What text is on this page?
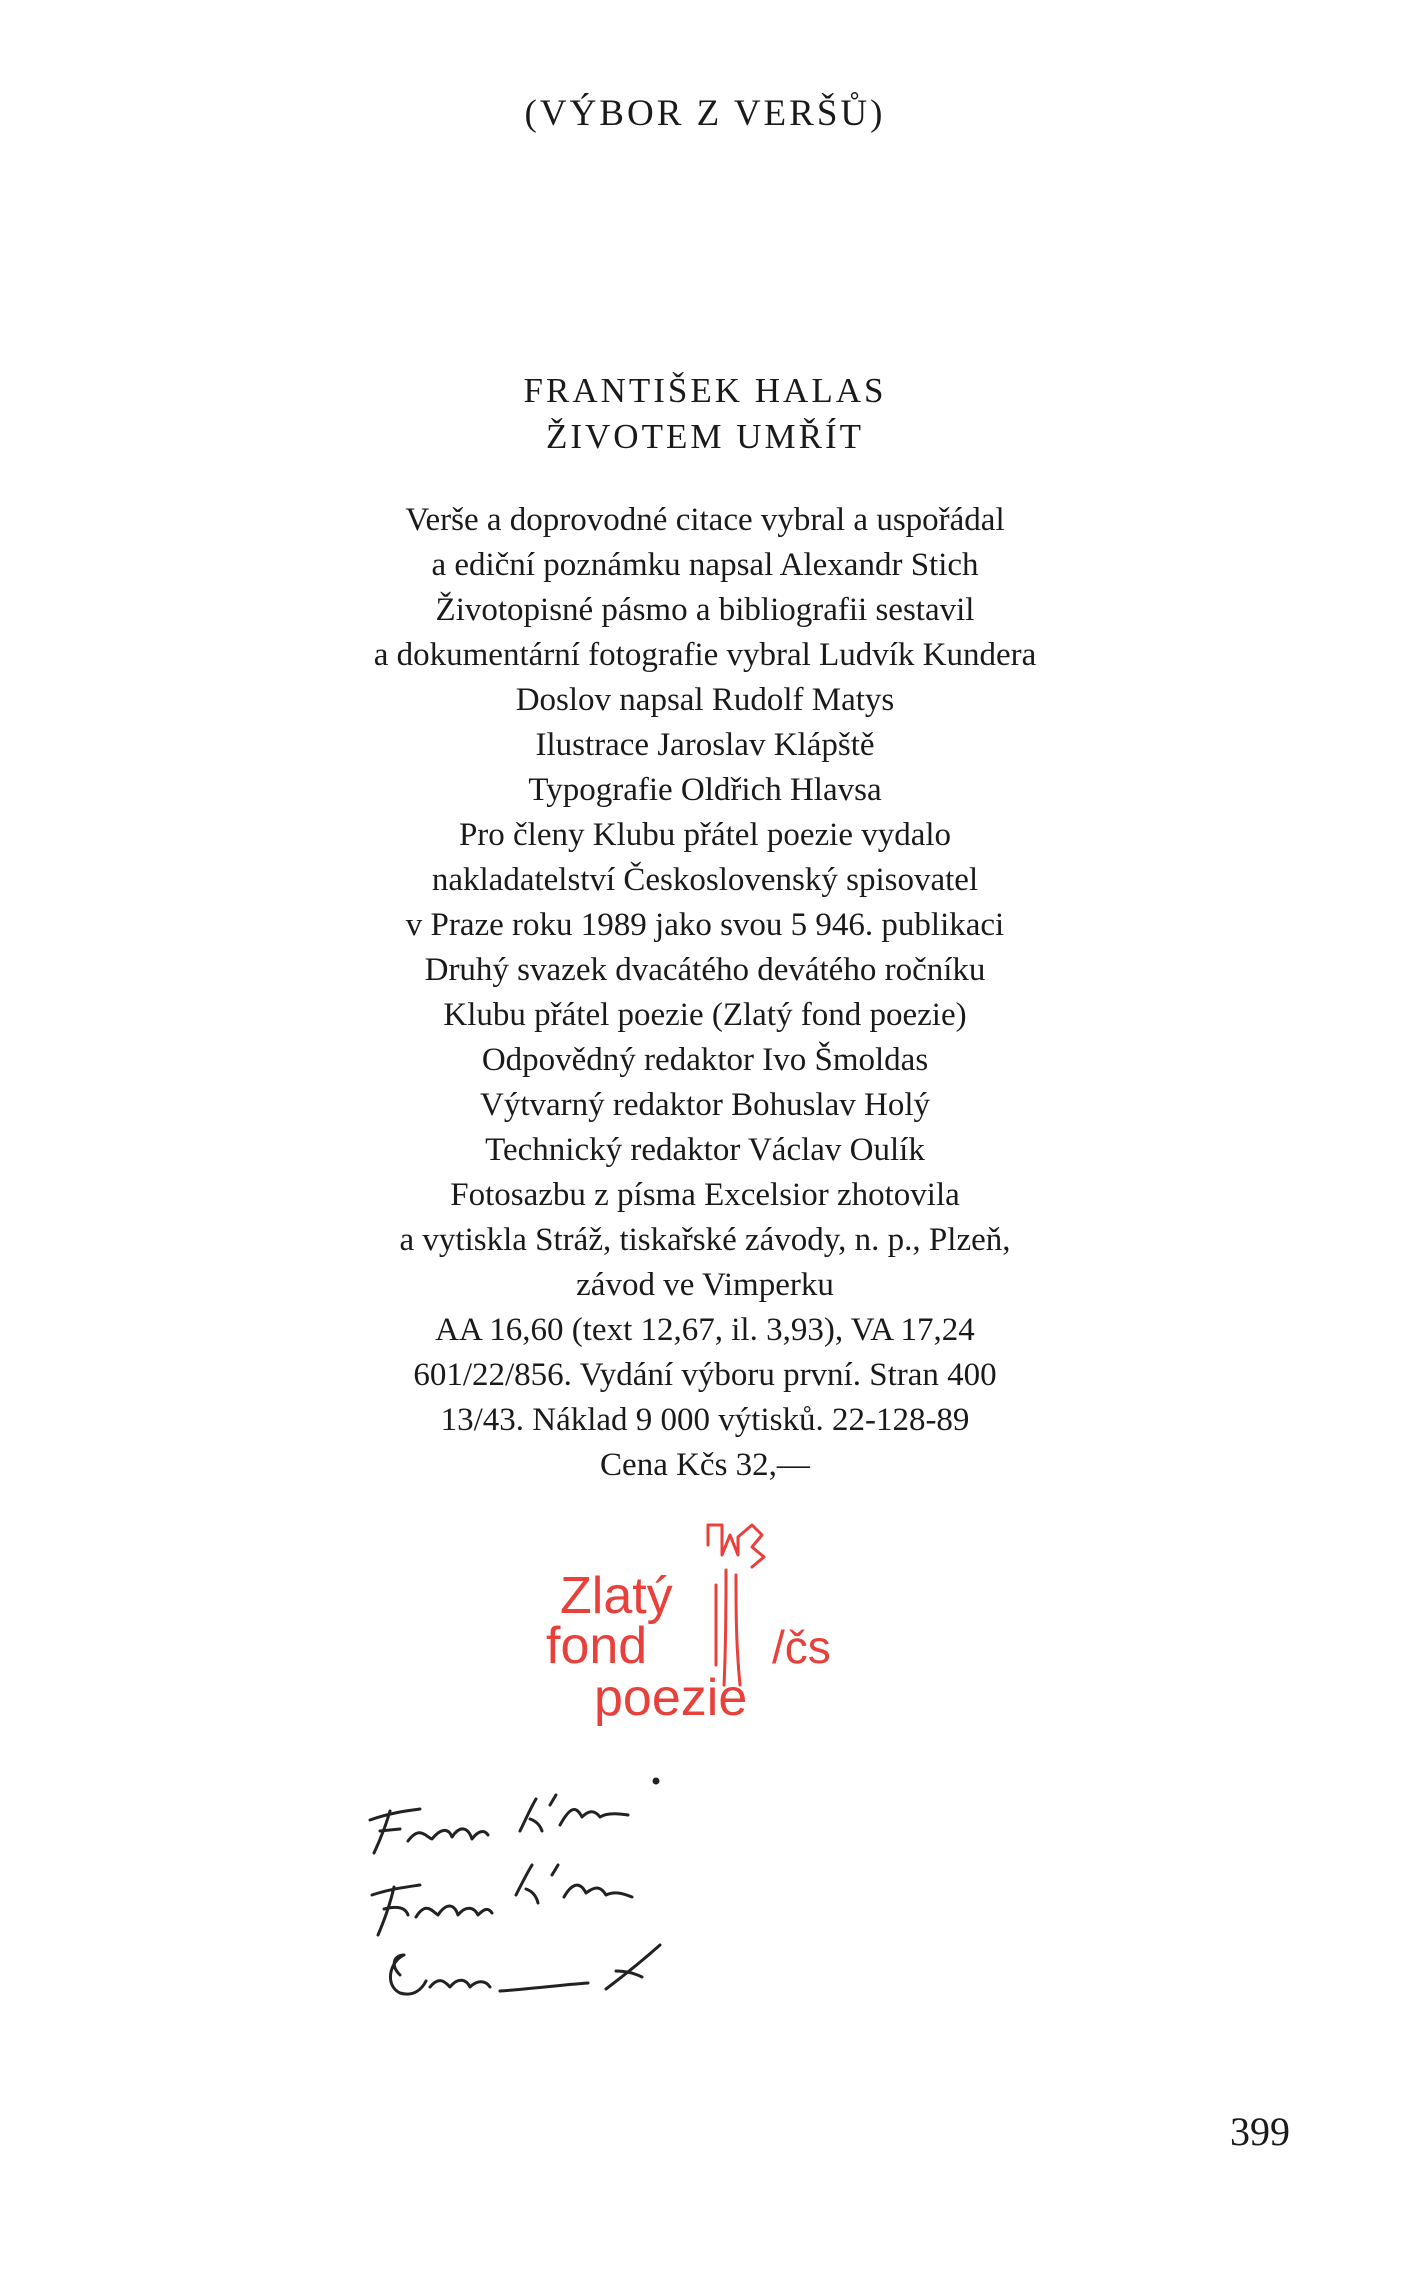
(VÝBOR Z VERŠŮ)
FRANTIŠEK HALAS
ŽIVOTEM UMŘÍT
Verše a doprovodné citace vybral a uspořádal
a ediční poznámku napsal Alexandr Stich
Životopisné pásmo a bibliografii sestavil
a dokumentární fotografie vybral Ludvík Kundera
Doslov napsal Rudolf Matys
Ilustrace Jaroslav Klápště
Typografie Oldřich Hlavsa
Pro členy Klubu přátel poezie vydalo
nakladatelství Československý spisovatel
v Praze roku 1989 jako svou 5 946. publikaci
Druhý svazek dvacátého devátého ročníku
Klubu přátel poezie (Zlatý fond poezie)
Odpovědný redaktor Ivo Šmoldas
Výtvarný redaktor Bohuslav Holý
Technický redaktor Václav Oulík
Fotosazbu z písma Excelsior zhotovila
a vytiskla Stráž, tiskařské závody, n. p., Plzeň,
závod ve Vimperku
AA 16,60 (text 12,67, il. 3,93), VA 17,24
601/22/856. Vydání výboru první. Stran 400
13/43. Náklad 9 000 výtisků. 22-128-89
Cena Kčs 32,—
Zlatý
fond	/čs
poezie
399
